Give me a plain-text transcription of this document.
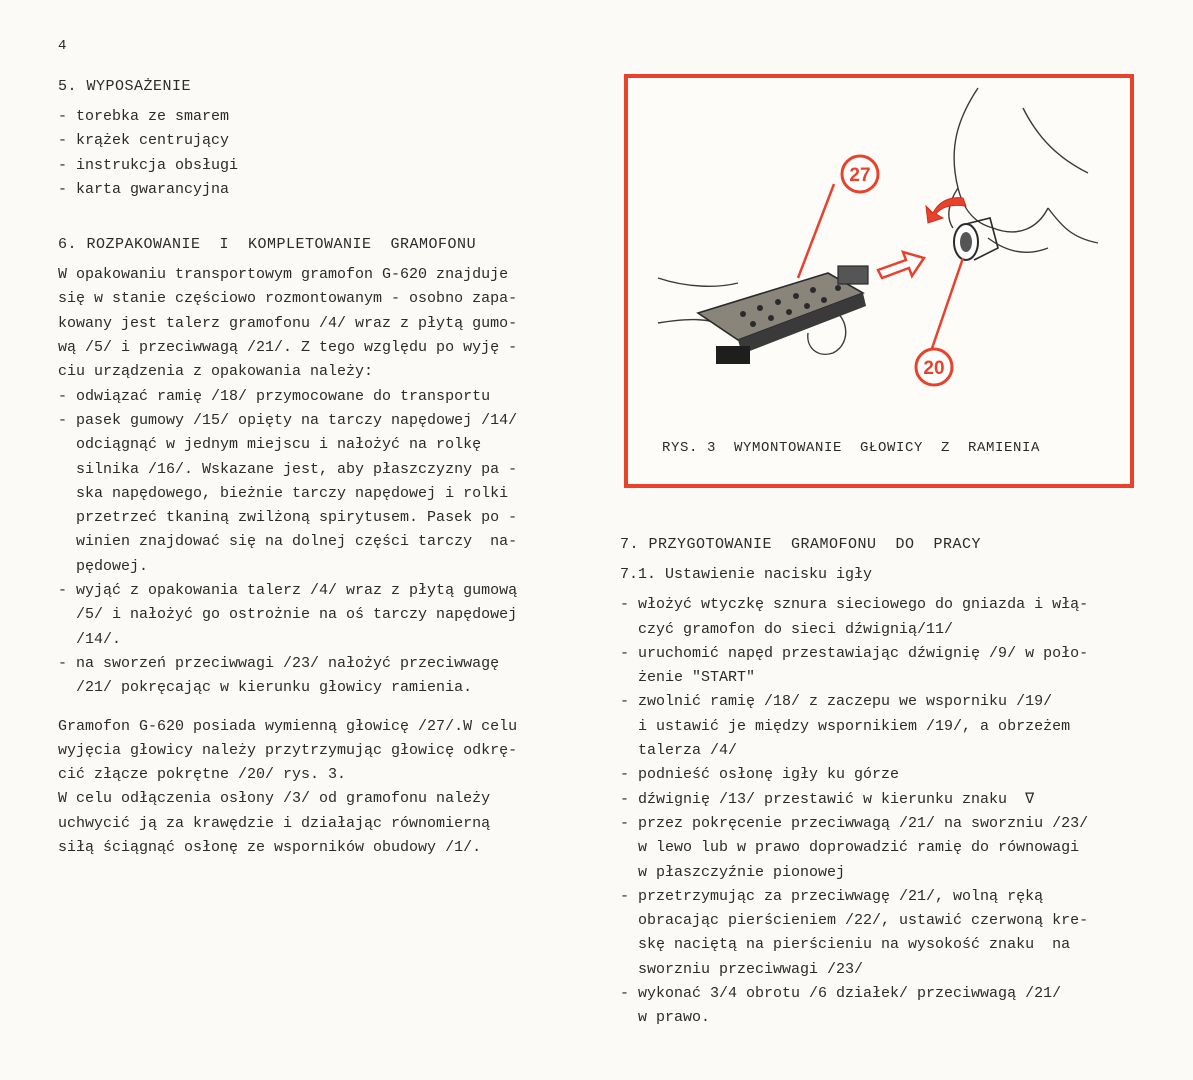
4
5. WYPOSAŻENIE
- torebka ze smarem
- krążek centrujący
- instrukcja obsługi
- karta gwarancyjna
6. ROZPAKOWANIE  I  KOMPLETOWANIE  GRAMOFONU
W opakowaniu transportowym gramofon G-620 znajduje
się w stanie częściowo rozmontowanym - osobno zapa-
kowany jest talerz gramofonu /4/ wraz z płytą gumo-
wą /5/ i przeciwwagą /21/. Z tego względu po wyję -
ciu urządzenia z opakowania należy:
- odwiązać ramię /18/ przymocowane do transportu
- pasek gumowy /15/ opięty na tarczy napędowej /14/
odciągnąć w jednym miejscu i nałożyć na rolkę
silnika /16/. Wskazane jest, aby płaszczyzny pa -
ska napędowego, bieżnie tarczy napędowej i rolki
przetrzeć tkaniną zwilżoną spirytusem. Pasek po -
winien znajdować się na dolnej części tarczy  na-
pędowej.
- wyjąć z opakowania talerz /4/ wraz z płytą gumową
/5/ i nałożyć go ostrożnie na oś tarczy napędowej
/14/.
- na sworzeń przeciwwagi /23/ nałożyć przeciwwagę
/21/ pokręcając w kierunku głowicy ramienia.
Gramofon G-620 posiada wymienną głowicę /27/.W celu
wyjęcia głowicy należy przytrzymując głowicę odkrę-
cić złącze pokrętne /20/ rys. 3.
W celu odłączenia osłony /3/ od gramofonu należy
uchwycić ją za krawędzie i działając równomierną
siłą ściągnąć osłonę ze wsporników obudowy /1/.
27
20
RYS. 3  WYMONTOWANIE  GŁOWICY  Z  RAMIENIA
7. PRZYGOTOWANIE  GRAMOFONU  DO  PRACY
7.1. Ustawienie nacisku igły
- włożyć wtyczkę sznura sieciowego do gniazda i włą-
czyć gramofon do sieci dźwignią/11/
- uruchomić napęd przestawiając dźwignię /9/ w poło-
żenie "START"
- zwolnić ramię /18/ z zaczepu we wsporniku /19/
i ustawić je między wspornikiem /19/, a obrzeżem
talerza /4/
- podnieść osłonę igły ku górze
- dźwignię /13/ przestawić w kierunku znaku  ∇
- przez pokręcenie przeciwwagą /21/ na sworzniu /23/
w lewo lub w prawo doprowadzić ramię do równowagi
w płaszczyźnie pionowej
- przetrzymując za przeciwwagę /21/, wolną ręką
obracając pierścieniem /22/, ustawić czerwoną kre-
skę naciętą na pierścieniu na wysokość znaku  na
sworzniu przeciwwagi /23/
- wykonać 3/4 obrotu /6 działek/ przeciwwagą /21/
w prawo.
